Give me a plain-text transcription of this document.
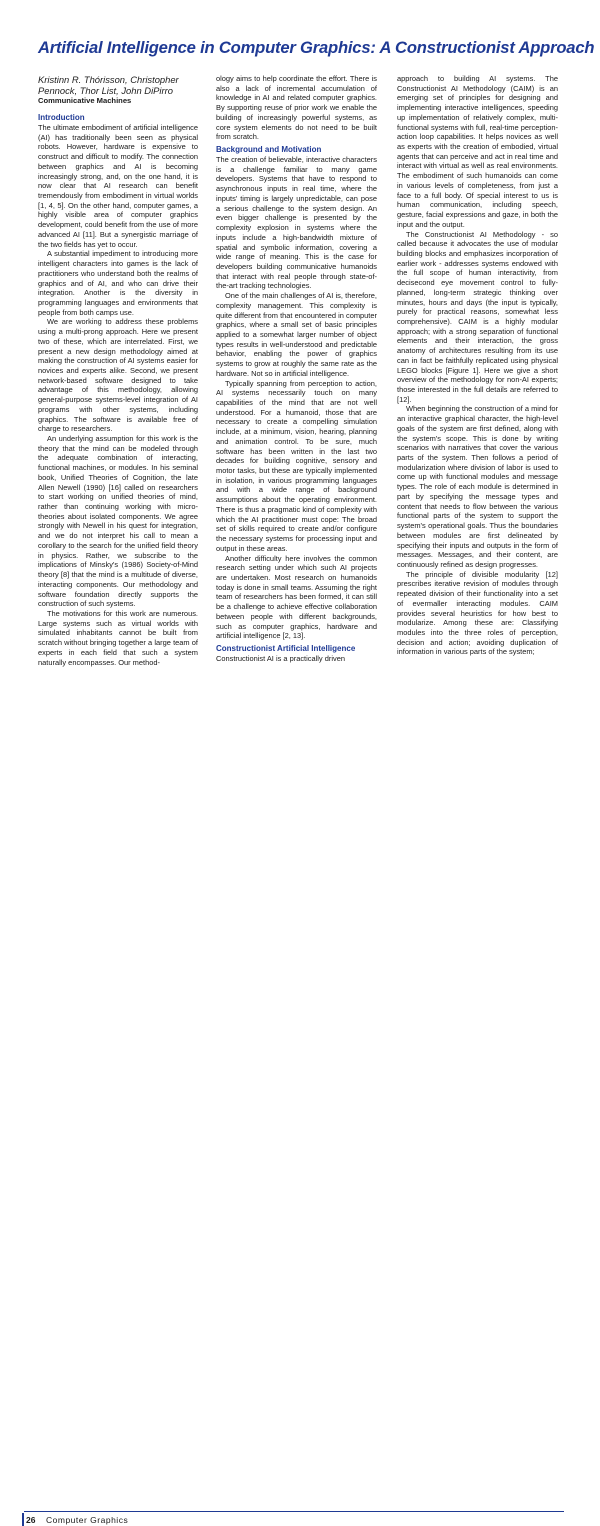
Artificial Intelligence in Computer Graphics: A Constructionist Approach
Kristinn R. Thórisson, Christopher Pennock, Thor List, John DiPirro
Communicative Machines
Introduction

The ultimate embodiment of artificial intelligence (AI) has traditionally been seen as physical robots. However, hardware is expensive to construct and difficult to modify. The connection between graphics and AI is becoming increasingly strong, and, on the one hand, it is now clear that AI research can benefit tremendously from embodiment in virtual worlds [1, 4, 5]. On the other hand, computer games, a highly visible area of computer graphics development, could benefit from the use of more advanced AI [11]. But a synergistic marriage of the two fields has yet to occur.

A substantial impediment to introducing more intelligent characters into games is the lack of practitioners who understand both the realms of graphics and of AI, and who can drive their integration. Another is the diversity in programming languages and environments that people from both camps use.

We are working to address these problems using a multi-prong approach. Here we present two of these, which are interrelated. First, we present a new design methodology aimed at making the construction of AI systems easier for novices and experts alike. Second, we present network-based software designed to take advantage of this methodology, allowing general-purpose systems-level integration of AI programs with other systems, including graphics. The software is available free of charge to researchers.

An underlying assumption for this work is the theory that the mind can be modeled through the adequate combination of interacting, functional machines, or modules. In his seminal book, Unified Theories of Cognition, the late Allen Newell (1990) [16] called on researchers to start working on unified theories of mind, rather than continuing working with micro-theories about isolated components. We agree strongly with Newell in his quest for integration, and we do not interpret his call to mean a corollary to the search for the unified field theory in physics. Rather, we subscribe to the implications of Minsky's (1986) Society-of-Mind theory [8] that the mind is a multitude of diverse, interacting components. Our methodology and software foundation directly supports the construction of such systems.

The motivations for this work are numerous. Large systems such as virtual worlds with simulated inhabitants cannot be built from scratch without bringing together a large team of experts in each field that such a system naturally encompasses. Our method-

ology aims to help coordinate the effort. There is also a lack of incremental accumulation of knowledge in AI and related computer graphics. By supporting reuse of prior work we enable the building of increasingly powerful systems, as core system elements do not need to be built from scratch.

Background and Motivation

The creation of believable, interactive characters is a challenge familiar to many game developers. Systems that have to respond to asynchronous inputs in real time, where the inputs' timing is largely unpredictable, can pose a serious challenge to the system design. An even bigger challenge is presented by the complexity explosion in systems where the inputs include a high-bandwidth mixture of spatial and symbolic information, covering a wide range of meaning. This is the case for developers building communicative humanoids that interact with real people through state-of-the-art tracking technologies.

One of the main challenges of AI is, therefore, complexity management. This complexity is quite different from that encountered in computer graphics, where a small set of basic principles applied to a somewhat larger number of object types results in well-understood and predictable behavior, enabling the power of graphics systems to grow at roughly the same rate as the hardware. Not so in artificial intelligence.

Typically spanning from perception to action, AI systems necessarily touch on many capabilities of the mind that are not well understood. For a humanoid, those that are necessary to create a compelling simulation include, at a minimum, vision, hearing, planning and animation control. To be sure, much software has been written in the last two decades for building cognitive, sensory and motor tasks, but these are typically implemented in isolation, in various programming languages and with a wide range of background assumptions about the operating environment. There is thus a pragmatic kind of complexity with which the AI practitioner must cope: The broad set of skills required to create and/or configure the necessary systems for processing input and output in these areas.

Another difficulty here involves the common research setting under which such AI projects are undertaken. Most research on humanoids today is done in small teams. Assuming the right team of researchers has been formed, it can still be a challenge to achieve effective collaboration between people with different backgrounds, such as computer graphics, hardware and artificial intelligence [2, 13].

Constructionist Artificial Intelligence

Constructionist AI is a practically driven

approach to building AI systems. The Constructionist AI Methodology (CAIM) is an emerging set of principles for designing and implementing interactive intelligences, speeding up implementation of relatively complex, multi-functional systems with full, real-time perception-action loop capabilities. It helps novices as well as experts with the creation of embodied, virtual agents that can perceive and act in real time and interact with virtual as well as real environments. The embodiment of such humanoids can come in various levels of completeness, from just a face to a full body. Of special interest to us is human communication, including speech, gesture, facial expressions and gaze, in both the input and the output.

The Constructionist AI Methodology - so called because it advocates the use of modular building blocks and emphasizes incorporation of earlier work - addresses systems endowed with the full scope of human interactivity, from decisecond eye movement control to fully-planned, long-term strategic thinking over minutes, hours and days (the input is typically, purely for practical reasons, somewhat less comprehensive). CAIM is a highly modular approach; with a strong separation of functional elements and their interaction, the gross anatomy of architectures resulting from its use can in fact be faithfully replicated using physical LEGO blocks [Figure 1]. Here we give a short overview of the methodology for non-AI experts; those interested in the full details are referred to [12].

When beginning the construction of a mind for an interactive graphical character, the high-level goals of the system are first defined, along with the system's scope. This is done by writing scenarios with narratives that cover the various parts of the system. Then follows a period of modularization where division of labor is used to come up with functional modules and message types. The role of each module is determined in part by specifying the message types and content that needs to flow between the various functional parts of the system to support the system's operational goals. Thus the boundaries between modules are first delineated by specifying their inputs and outputs in the form of messages. Messages, and their content, are continuously refined as design progresses.

The principle of divisible modularity [12] prescribes iterative revision of modules through repeated division of their functionality into a set of evermaller interacting modules. CAIM provides several heuristics for how best to modularize. Among these are: Classifying modules into the three roles of perception, decision and action; avoiding duplication of information in various parts of the system;

26 Computer Graphics
